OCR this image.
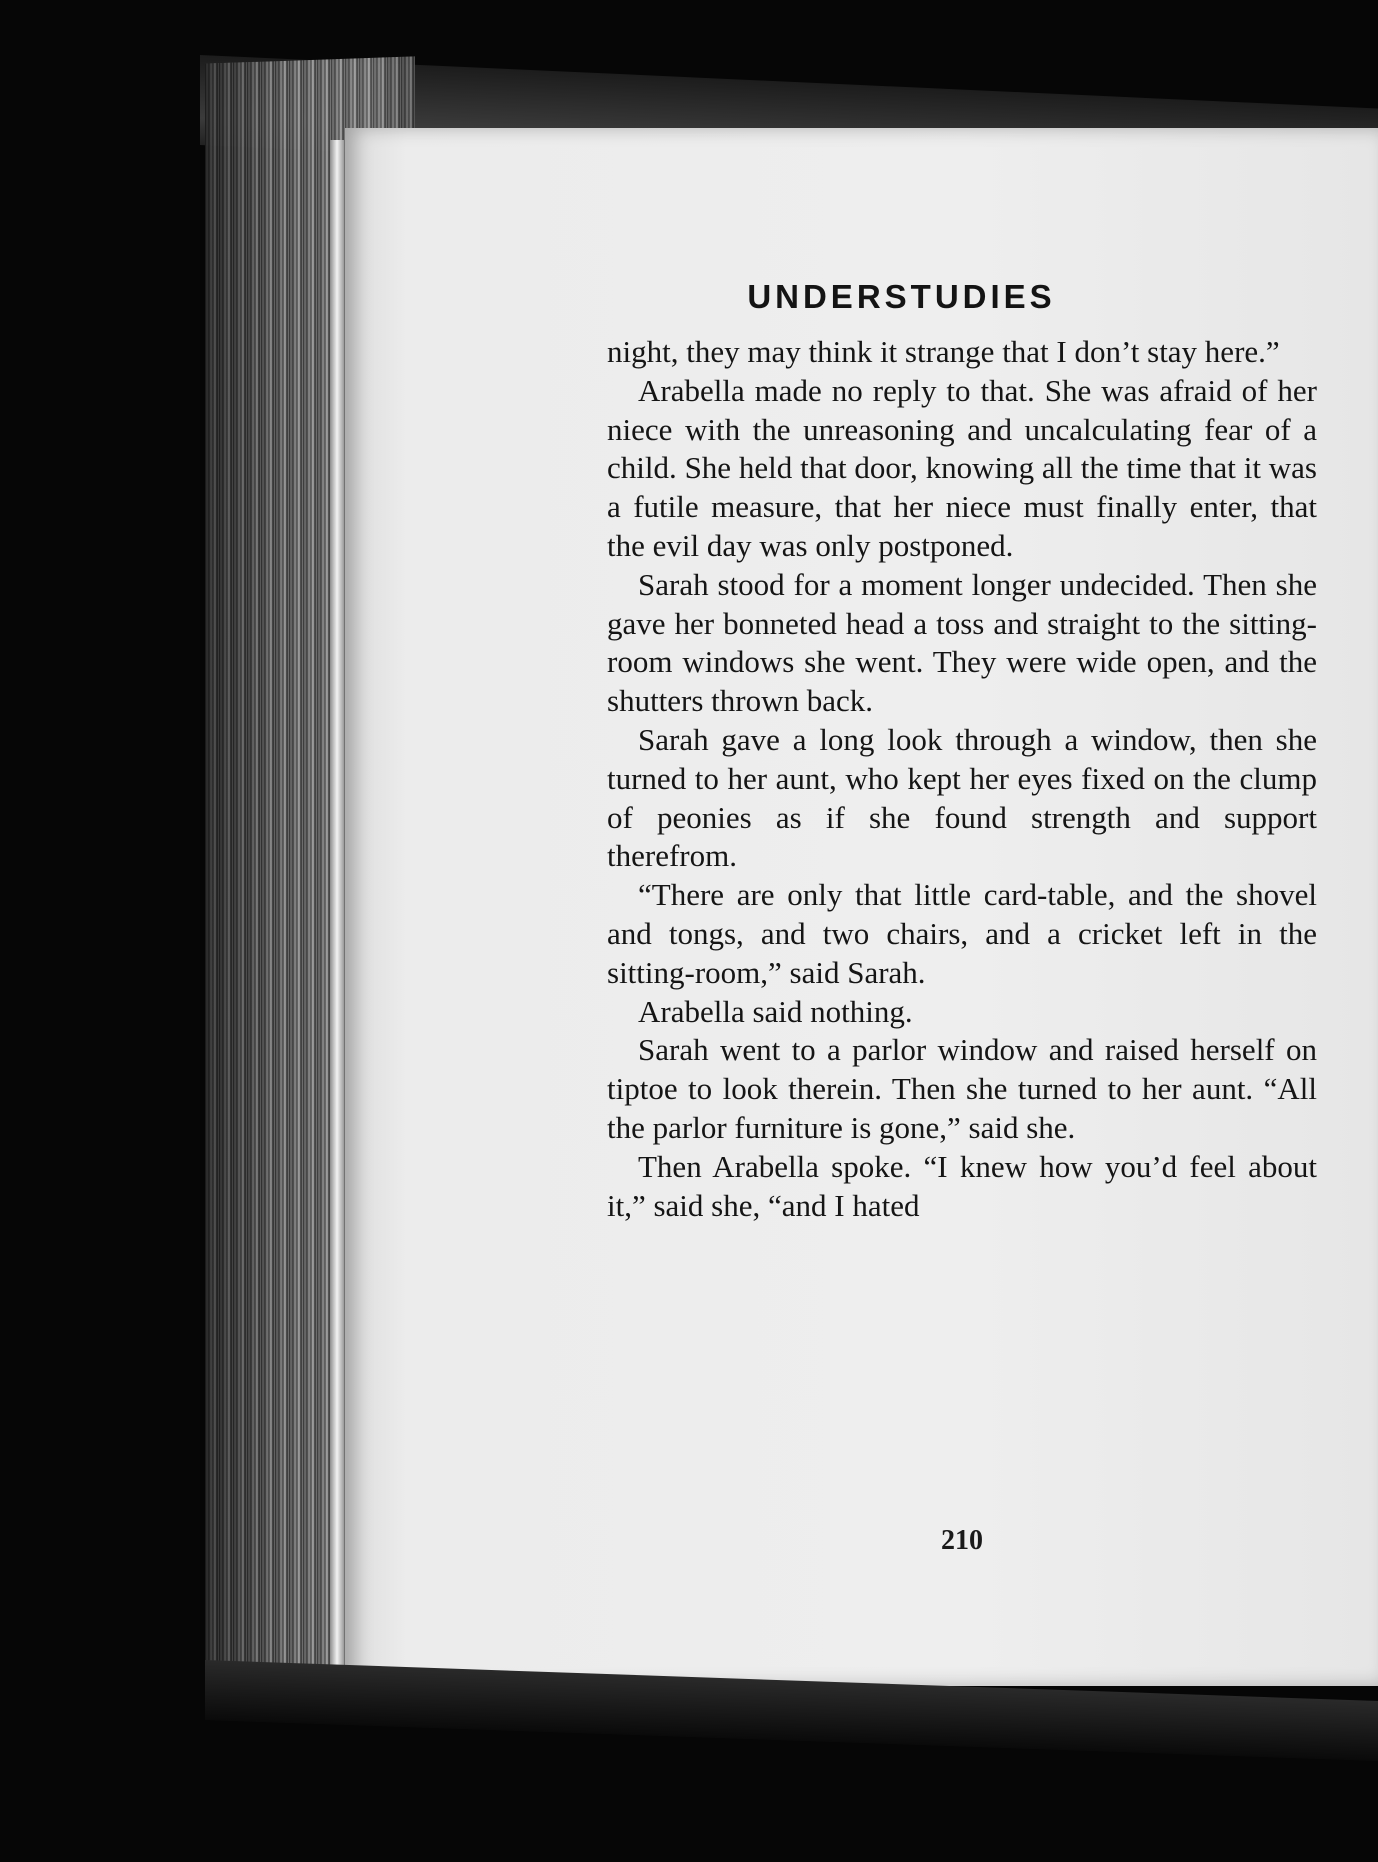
UNDERSTUDIES

night, they may think it strange that I don’t stay here.”

Arabella made no reply to that. She was afraid of her niece with the unreasoning and uncalculating fear of a child. She held that door, knowing all the time that it was a futile measure, that her niece must finally enter, that the evil day was only postponed.

Sarah stood for a moment longer undecided. Then she gave her bonneted head a toss and straight to the sitting-room windows she went. They were wide open, and the shutters thrown back.

Sarah gave a long look through a window, then she turned to her aunt, who kept her eyes fixed on the clump of peonies as if she found strength and support therefrom.

“There are only that little card-table, and the shovel and tongs, and two chairs, and a cricket left in the sitting-room,” said Sarah.

Arabella said nothing.

Sarah went to a parlor window and raised herself on tiptoe to look therein. Then she turned to her aunt. “All the parlor furniture is gone,” said she.

Then Arabella spoke. “I knew how you’d feel about it,” said she, “and I hated

210
